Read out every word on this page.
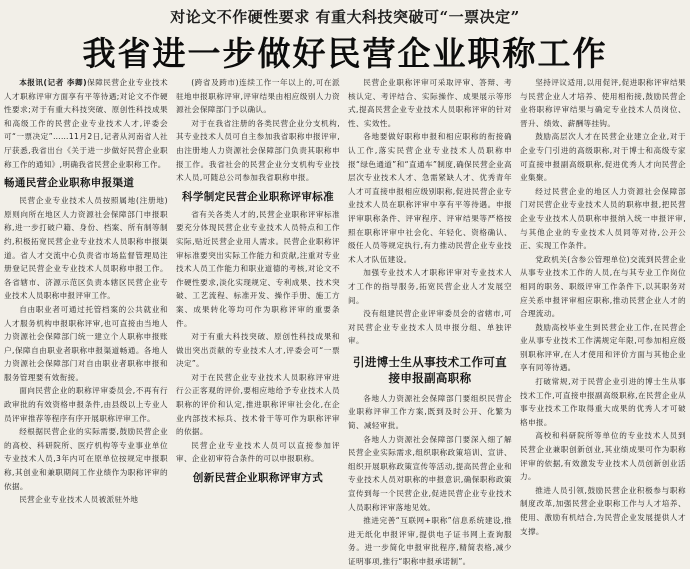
对论文不作硬性要求 有重大科技突破可“一票决定”
我省进一步做好民营企业职称工作

本报讯(记者 李卿)保障民营企业专业技术人才职称评审方面享有平等待遇;对论文不作硬性要求;对于有重大科技突破、原创性科技成果和高级工作的民营企业专业技术人才,评委会可“一票决定”……11月2日,记者从河南省人社厅获悉,我省出台《关于进一步做好民营企业职称工作的通知》,明确我省民营企业职称工作。

畅通民营企业职称申报渠道

民营企业专业技术人员按照属地(注册地)原则向所在地区人力资源社会保障部门申报职称,进一步打破户籍、身份、档案、所有制等制约,积极拓宽民营企业专业技术人员职称申报渠道。省人才交流中心负责省市场监督管理局注册登记民营企业专业技术人员职称申报工作。各省辖市、济源示范区负责本辖区民营企业专业技术人员职称申报评审工作。

自由职业者可通过托管档案的公共就业和人才服务机构申报职称评审,也可直接由当地人力资源社会保障部门统一建立个人职称申报账户,保障自由职业者职称申报渠道畅通。各地人力资源社会保障部门对自由职业者职称申报和服务管理要有效衔接。

面向民营企业的职称评审委员会,不再有行政审批的有效资格申报条件,由县级以上专业人员评审推荐等程序有序开展职称评审工作。

经根据民营企业的实际需要,鼓励民营企业的高校、科研院所、医疗机构等专业事业单位专业技术人员,3年内可在原单位按规定申报职称,其创业和兼职期间工作业绩作为职称评审的依据。

民营企业专业技术人员被派驻外地

(跨省及跨市)连续工作一年以上的,可在派驻地申报职称评审,评审结果由相应级别人力资源社会保障部门予以确认。

对于在我省注册的各类民营企业分支机构,其专业技术人员可自主参加我省职称申报评审,由注册地人力资源社会保障部门负责其职称申报工作。我省社会的民营企业分支机构专业技术人员,可随总公司参加我省职称申报。

科学制定民营企业职称评审标准

省有关各类人才的,民营企业职称评审标准要充分体现民营企业专业技术人员特点和工作实际,贴近民营企业用人需求。民营企业职称评审标准要突出实际工作能力和贡献,注重对专业技术人员工作能力和职业道德的考核,对论文不作硬性要求,淡化实现规定、专利成果、技术突破、工艺流程、标准开发、操作手册、施工方案、成果转化等均可作为职称评审的重要条件。

对于有重大科技突破、原创性科技成果和做出突出贡献的专业技术人才,评委会可“一票决定”。

对于在民营企业专业技术人员职称评审进行公正客观的评价,要相应地给予专业技术人员职称的评价和认定,推进职称评审社会化,在企业内部技术标兵、技术骨干等可作为职称评审的依据。

民营企业专业技术人员可以直接参加评审、企业初审符合条件的可以申报职称。

创新民营企业职称评审方式

民营企业职称评审可采取评审、答辩、考核认定、考评结合、实际操作、成果展示等形式,提高民营企业专业技术人员职称评审的针对性、实效性。

各地要做好职称申报和相应职称的衔接确认工作,落实民营企业专业技术人员职称申报“绿色通道”和“直通车”制度,确保民营企业高层次专业技术人才、急需紧缺人才、优秀青年人才可直接申报相应级别职称,促进民营企业专业技术人员在职称评审中享有平等待遇。申报评审职称条件、评审程序、评审结果等严格按照在职称评审中社会化、年轻化、资格确认、级任人员等规定执行,有力推动民营企业专业技术人才队伍建设。

加强专业技术人才职称评审对专业技术人才工作的指导服务,拓宽民营企业人才发展空间。

没有组建民营企业评审委员会的省辖市,可对民营企业专业技术人员申报分组、单独评审。

引进博士生从事技术工作可直接申报副高职称

各地人力资源社会保障部门要组织民营企业职称评审工作方案,既到及时公开、化繁为简、减轻审批。

各地人力资源社会保障部门要深入细了解民营企业实际需求,组织职称政策培训、宣讲、组织开展职称政策宣传等活动,提高民营企业和专业技术人员对职称的申报意识,确保职称政策宣传到每一个民营企业,促进民营企业专业技术人员职称评审落地见效。

推进完善“互联网+职称”信息系统建设,推进无纸化申报评审,提供电子证书网上查询服务。进一步简化申报审批程序,精简表格,减少证明事项,推行“职称申报承诺制”。

坚持评议适用,以用促评,促进职称评审结果与民营企业人才培养、使用相衔接,鼓励民营企业将职称评审结果与确定专业技术人员岗位、晋升、绩效、薪酬等挂钩。

鼓励高层次人才在民营企业建立企业,对于企业专门引进的高级职称,对于博士和高级专家可直接申报副高级职称,促进优秀人才向民营企业集聚。

经过民营企业的地区人力资源社会保障部门对民营企业专业技术人员的职称申报,把民营企业专业技术人员职称申报纳入统一申报评审,与其他企业的专业技术人员同等对待,公开公正、实现工作条件。

党政机关(含参公管理单位)交流到民营企业从事专业技术工作的人员,在与其专业工作岗位相同的职务、职级评审工作条件下,以其职务对应关系申报评审相应职称,推动民营企业人才的合理流动。

鼓励高校毕业生到民营企业工作,在民营企业从事专业技术工作满规定年限,可参加相应级别职称评审,在人才使用和评价方面与其他企业享有同等待遇。

打破常规,对于民营企业引进的博士生从事技术工作,可直接申报副高级职称,在民营企业从事专业技术工作取得重大成果的优秀人才可破格申报。

高校和科研院所等单位的专业技术人员到民营企业兼职创新创业,其业绩成果可作为职称评审的依据,有效激发专业技术人员创新创业活力。

推进人员引领,鼓励民营企业积极参与职称制度改革,加强民营企业职称工作与人才培养、使用、激励有机结合,为民营企业发展提供人才支撑。
